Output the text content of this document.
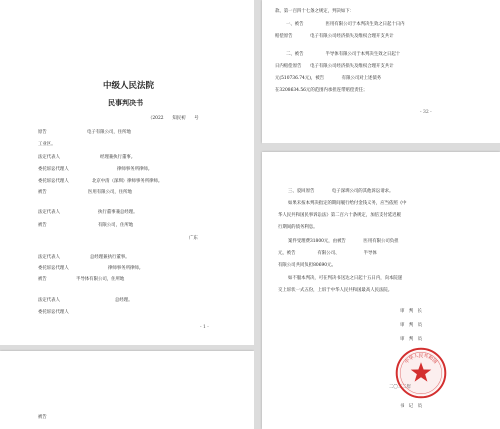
中级人民法院
民事判决书
（2022　　知民初　　号
原告	电子有限公司，住所地
工业区。
法定代表人	经理兼执行董事。
委托诉讼代理人	律师事务所律师。
委托诉讼代理人	北京中清（深圳）律师事务所律师。
被告	医用有限公司，住所地
法定代表人	执行董事兼总经理。
被告	有限公司，住所地
广东
法定代表人	总经理兼执行董事。
委托诉讼代理人	律师事务所律师。
被告	半导体有限公司，住所地
法定代表人	总经理。
委托诉讼代理人
- 1 -
被告
款、第一百四十七条之规定，判决如下：
一、被告　　　　　医用有限公司于本判决生效之日起十日内
赔偿原告　　　　电子有限公司经济损失及维权合理开支共计
二、被告　　　　　半导体有限公司于本判决生效之日起十
日内赔偿原告　　电子有限公司经济损失及维权合理开支共计
元(510736.74元)，被告　　　　有限公司对上述债务
在3208634.56元的范围内承担连带赔偿责任；
- 32 -
三、驳回原告　　　　电子深圳公司的其他诉讼请求。
如果未按本判决指定的期间履行给付金钱义务，应当依照《中
华人民共和国民事诉讼法》第二百六十条规定，加倍支付延迟履
行期间的债务利息。
案件受理费31800元，由被告　　　　医用有限公司负担
元，被告　　　　　有限公司、　　　　　　半导体
有限公司共同负担80690元。
如不服本判决，可在判决书送达之日起十五日内，向本院递
交上诉状一式五份，上诉于中华人民共和国最高人民法院。
审　判　长
审　判　员
审　判　员
二〇二二年
书　记　员
中华人民共和国
